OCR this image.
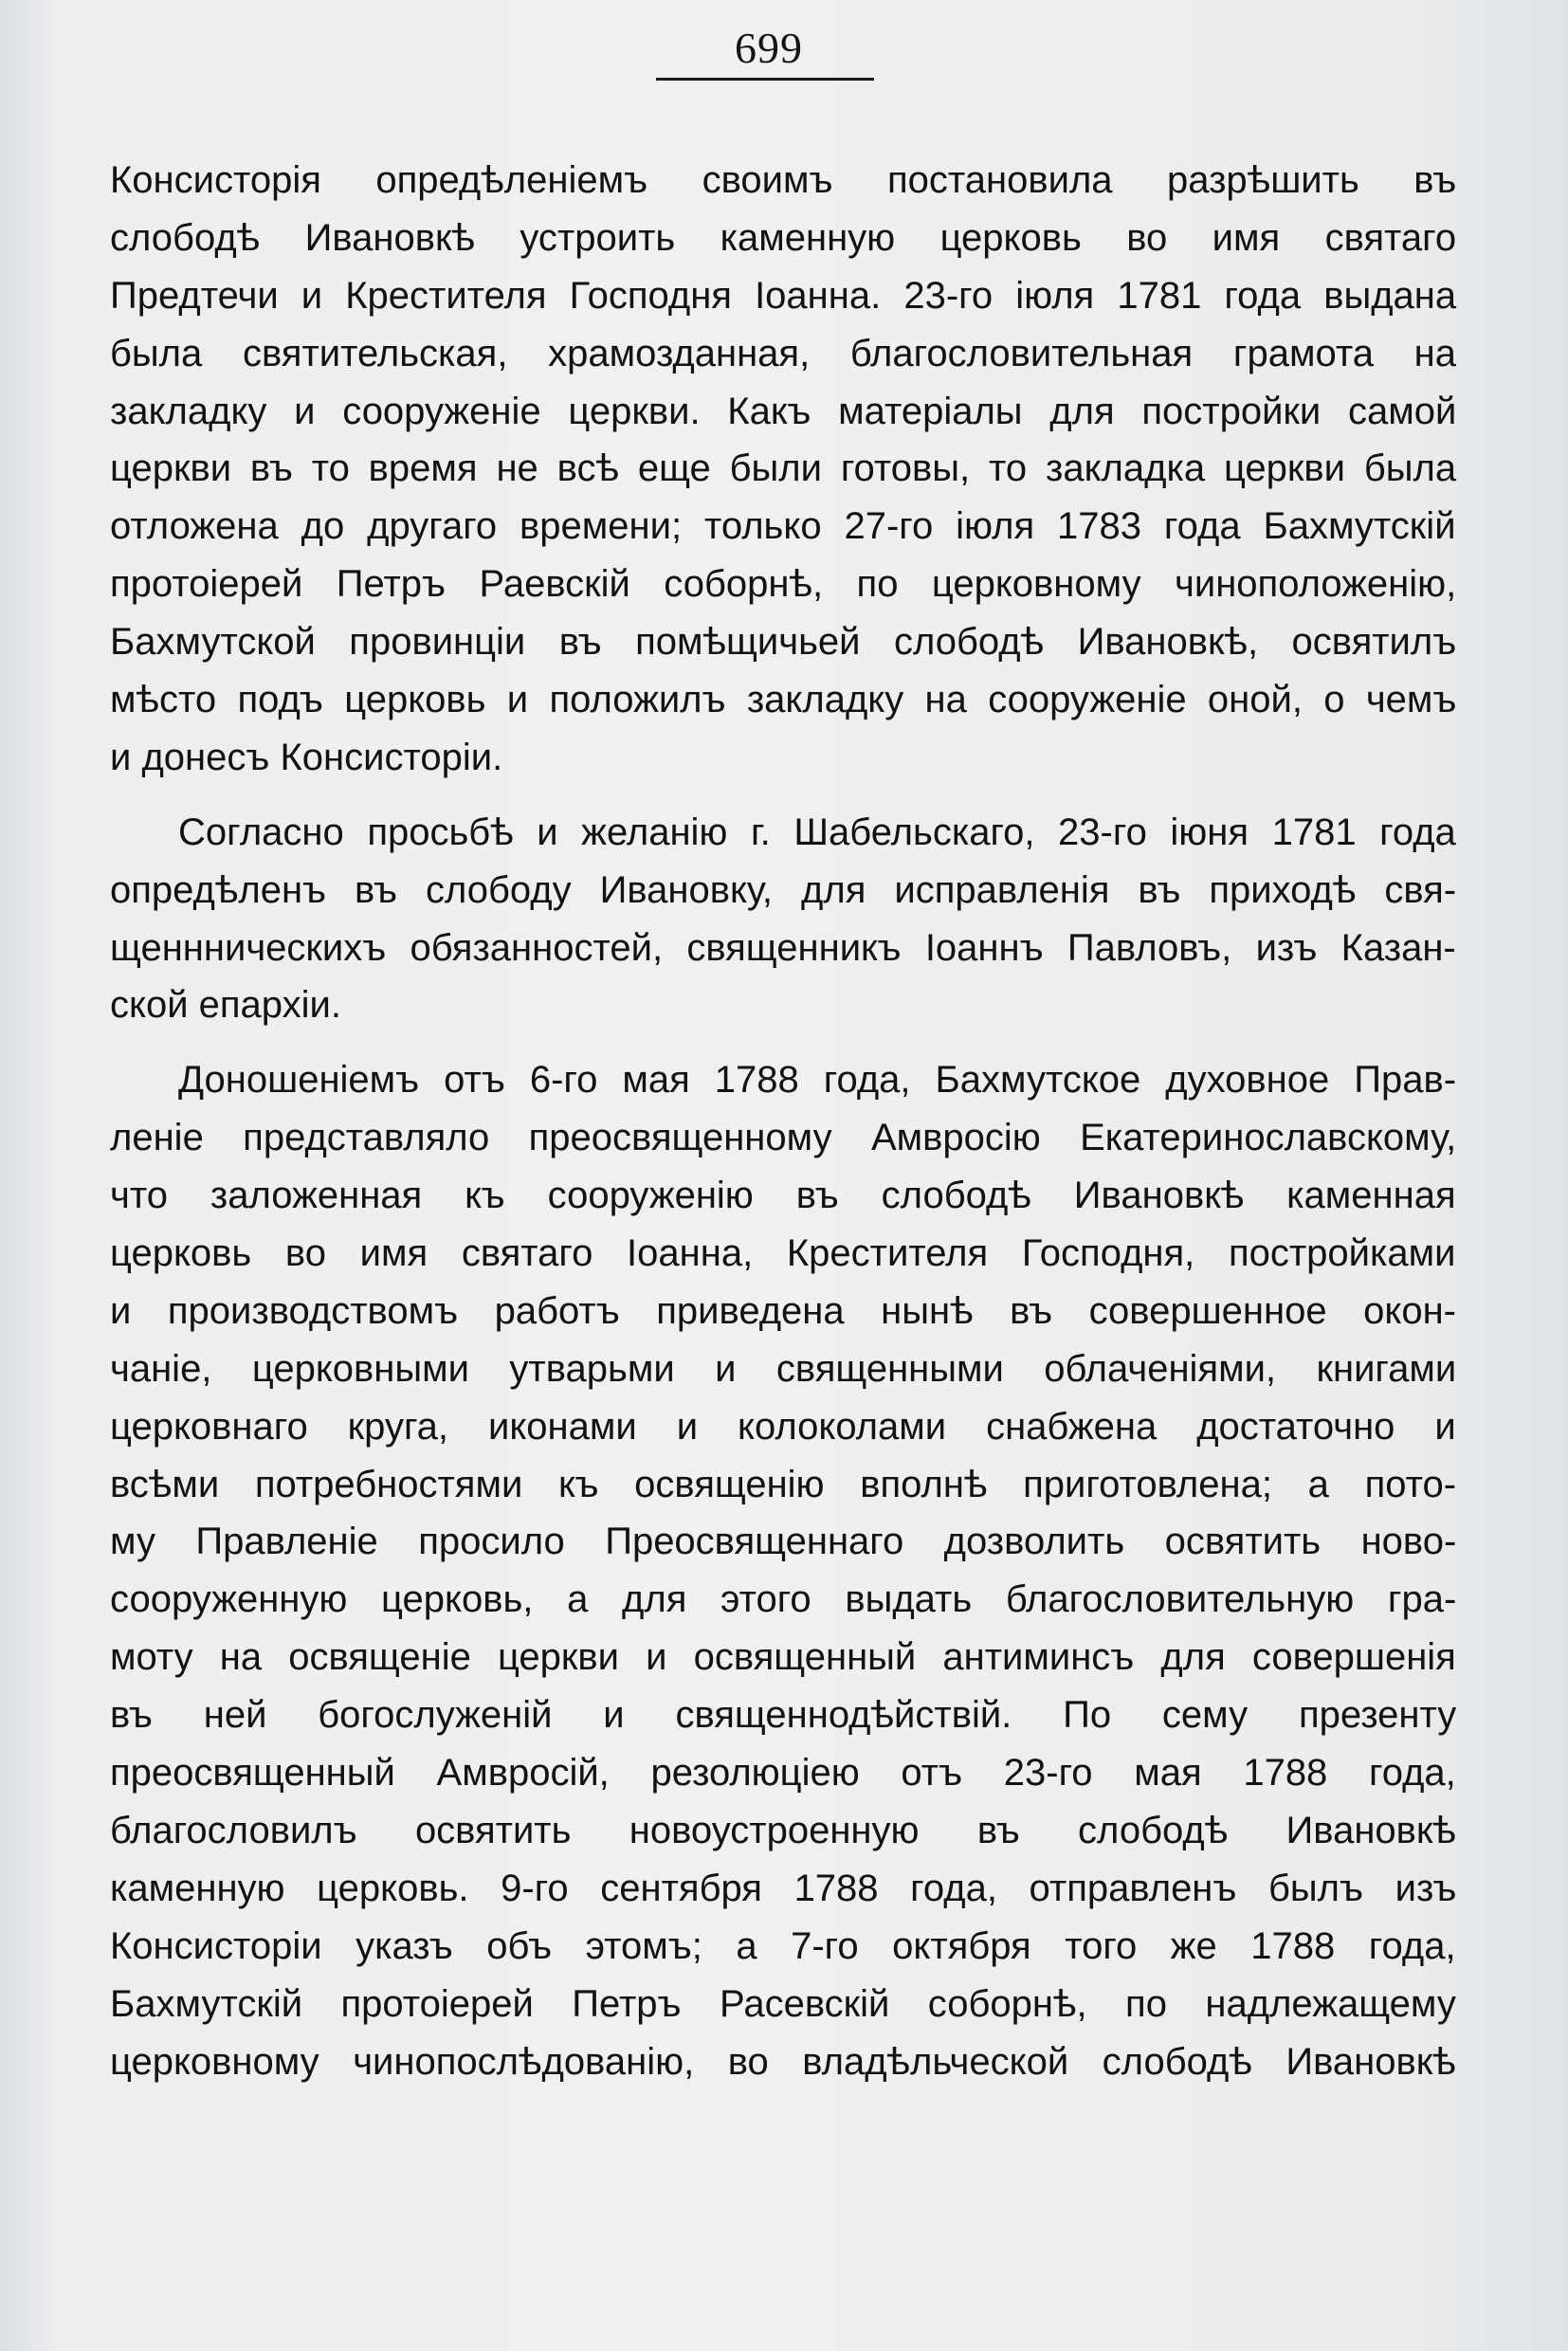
699
Консисторія опредѣленіемъ своимъ постановила разрѣшить въ
слободѣ Ивановкѣ устроить каменную церковь во имя святаго
Предтечи и Крестителя Господня Іоанна. 23-го іюля 1781 года выдана
была святительская, храмозданная, благословительная грамота на
закладку и сооруженіе церкви. Какъ матеріалы для постройки самой
церкви въ то время не всѣ еще были готовы, то закладка церкви была
отложена до другаго времени; только 27-го іюля 1783 года Бахмутскій
протоіерей Петръ Раевскій соборнѣ, по церковному чиноположенію,
Бахмутской провинціи въ помѣщичьей слободѣ Ивановкѣ, освятилъ
мѣсто подъ церковь и положилъ закладку на сооруженіе оной, о чемъ
и донесъ Консисторіи.
Согласно просьбѣ и желанію г. Шабельскаго, 23-го іюня 1781 года
опредѣленъ въ слободу Ивановку, для исправленія въ приходѣ свя-
щеннническихъ обязанностей, священникъ Іоаннъ Павловъ, изъ Казан-
ской епархіи.
Доношеніемъ отъ 6-го мая 1788 года, Бахмутское духовное Прав-
леніе представляло преосвященному Амвросію Екатеринославскому,
что заложенная къ сооруженію въ слободѣ Ивановкѣ каменная
церковь во имя святаго Іоанна, Крестителя Господня, постройками
и производствомъ работъ приведена нынѣ въ совершенное окон-
чаніе, церковными утварьми и священными облаченіями, книгами
церковнаго круга, иконами и колоколами снабжена достаточно и
всѣми потребностями къ освященію вполнѣ приготовлена; а пото-
му Правленіе просило Преосвященнаго дозволить освятить ново-
сооруженную церковь, а для этого выдать благословительную гра-
моту на освященіе церкви и освященный антиминсъ для совершенія
въ ней богослуженій и священнодѣйствій. По сему презенту
преосвященный Амвросій, резолюціею отъ 23-го мая 1788 года,
благословилъ освятить новоустроенную въ слободѣ Ивановкѣ
каменную церковь. 9-го сентября 1788 года, отправленъ былъ изъ
Консисторіи указъ объ этомъ; а 7-го октября того же 1788 года,
Бахмутскій протоіерей Петръ Расевскій соборнѣ, по надлежащему
церковному чинопослѣдованію, во владѣльческой слободѣ Ивановкѣ
